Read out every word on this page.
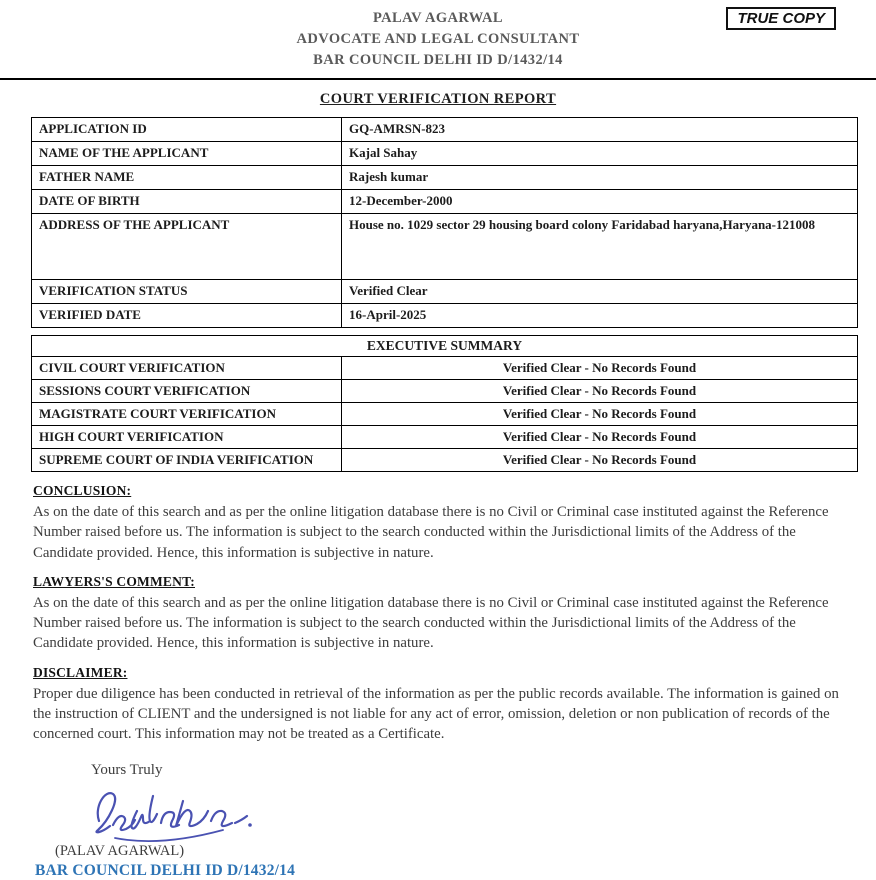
PALAV AGARWAL
ADVOCATE AND LEGAL CONSULTANT
BAR COUNCIL DELHI ID D/1432/14
TRUE COPY
COURT VERIFICATION REPORT
APPLICATION ID	GQ-AMRSN-823
NAME OF THE APPLICANT	Kajal Sahay
FATHER NAME	Rajesh kumar
DATE OF BIRTH	12-December-2000
ADDRESS OF THE APPLICANT	House no. 1029 sector 29 housing board colony Faridabad haryana,Haryana-121008
VERIFICATION STATUS	Verified Clear
VERIFIED DATE	16-April-2025
EXECUTIVE SUMMARY	
CIVIL COURT VERIFICATION	Verified Clear - No Records Found
SESSIONS COURT VERIFICATION	Verified Clear - No Records Found
MAGISTRATE COURT VERIFICATION	Verified Clear - No Records Found
HIGH COURT VERIFICATION	Verified Clear - No Records Found
SUPREME COURT OF INDIA VERIFICATION	Verified Clear - No Records Found
CONCLUSION:

As on the date of this search and as per the online litigation database there is no Civil or Criminal case instituted against the Reference Number raised before us. The information is subject to the search conducted within the Jurisdictional limits of the Address of the Candidate provided. Hence, this information is subjective in nature.

LAWYERS'S COMMENT:

As on the date of this search and as per the online litigation database there is no Civil or Criminal case instituted against the Reference Number raised before us. The information is subject to the search conducted within the Jurisdictional limits of the Address of the Candidate provided. Hence, this information is subjective in nature.

DISCLAIMER:

Proper due diligence has been conducted in retrieval of the information as per the public records available. The information is gained on the instruction of CLIENT and the undersigned is not liable for any act of error, omission, deletion or non publication of records of the concerned court. This information may not be treated as a Certificate.

Yours Truly
(PALAV AGARWAL)
BAR COUNCIL DELHI ID D/1432/14
